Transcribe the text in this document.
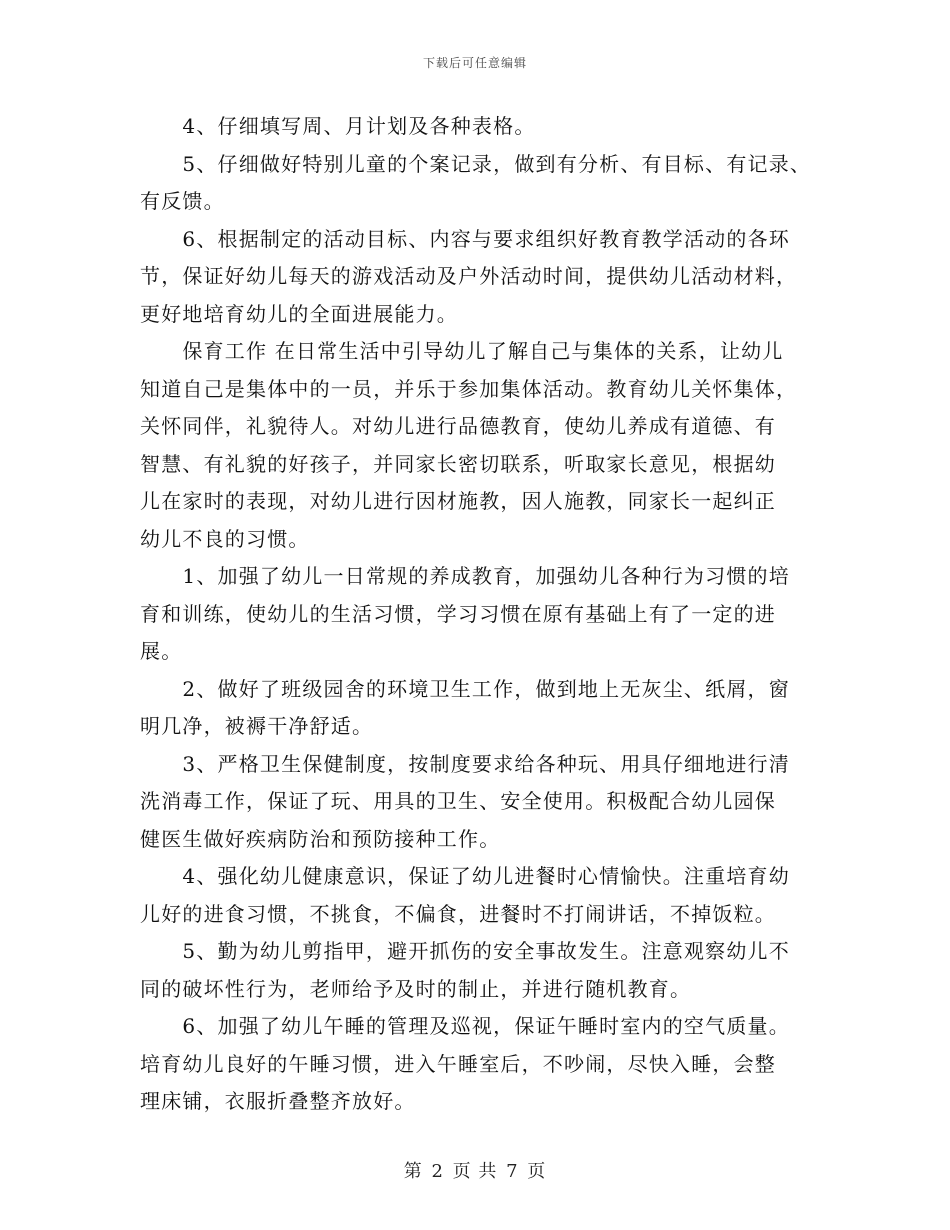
下载后可任意编辑
　　4、仔细填写周、月计划及各种表格。
　　5、仔细做好特别儿童的个案记录，做到有分析、有目标、有记录、
有反馈。
　　6、根据制定的活动目标、内容与要求组织好教育教学活动的各环
节，保证好幼儿每天的游戏活动及户外活动时间，提供幼儿活动材料，
更好地培育幼儿的全面进展能力。
　　保育工作 在日常生活中引导幼儿了解自己与集体的关系，让幼儿
知道自己是集体中的一员，并乐于参加集体活动。教育幼儿关怀集体，
关怀同伴，礼貌待人。对幼儿进行品德教育，使幼儿养成有道德、有
智慧、有礼貌的好孩子，并同家长密切联系，听取家长意见，根据幼
儿在家时的表现，对幼儿进行因材施教，因人施教，同家长一起纠正
幼儿不良的习惯。
　　1、加强了幼儿一日常规的养成教育，加强幼儿各种行为习惯的培
育和训练，使幼儿的生活习惯，学习习惯在原有基础上有了一定的进
展。
　　2、做好了班级园舍的环境卫生工作，做到地上无灰尘、纸屑，窗
明几净，被褥干净舒适。
　　3、严格卫生保健制度，按制度要求给各种玩、用具仔细地进行清
洗消毒工作，保证了玩、用具的卫生、安全使用。积极配合幼儿园保
健医生做好疾病防治和预防接种工作。
　　4、强化幼儿健康意识，保证了幼儿进餐时心情愉快。注重培育幼
儿好的进食习惯，不挑食，不偏食，进餐时不打闹讲话，不掉饭粒。
　　5、勤为幼儿剪指甲，避开抓伤的安全事故发生。注意观察幼儿不
同的破坏性行为，老师给予及时的制止，并进行随机教育。
　　6、加强了幼儿午睡的管理及巡视，保证午睡时室内的空气质量。
培育幼儿良好的午睡习惯，进入午睡室后，不吵闹，尽快入睡，会整
理床铺，衣服折叠整齐放好。
第 2 页 共 7 页
